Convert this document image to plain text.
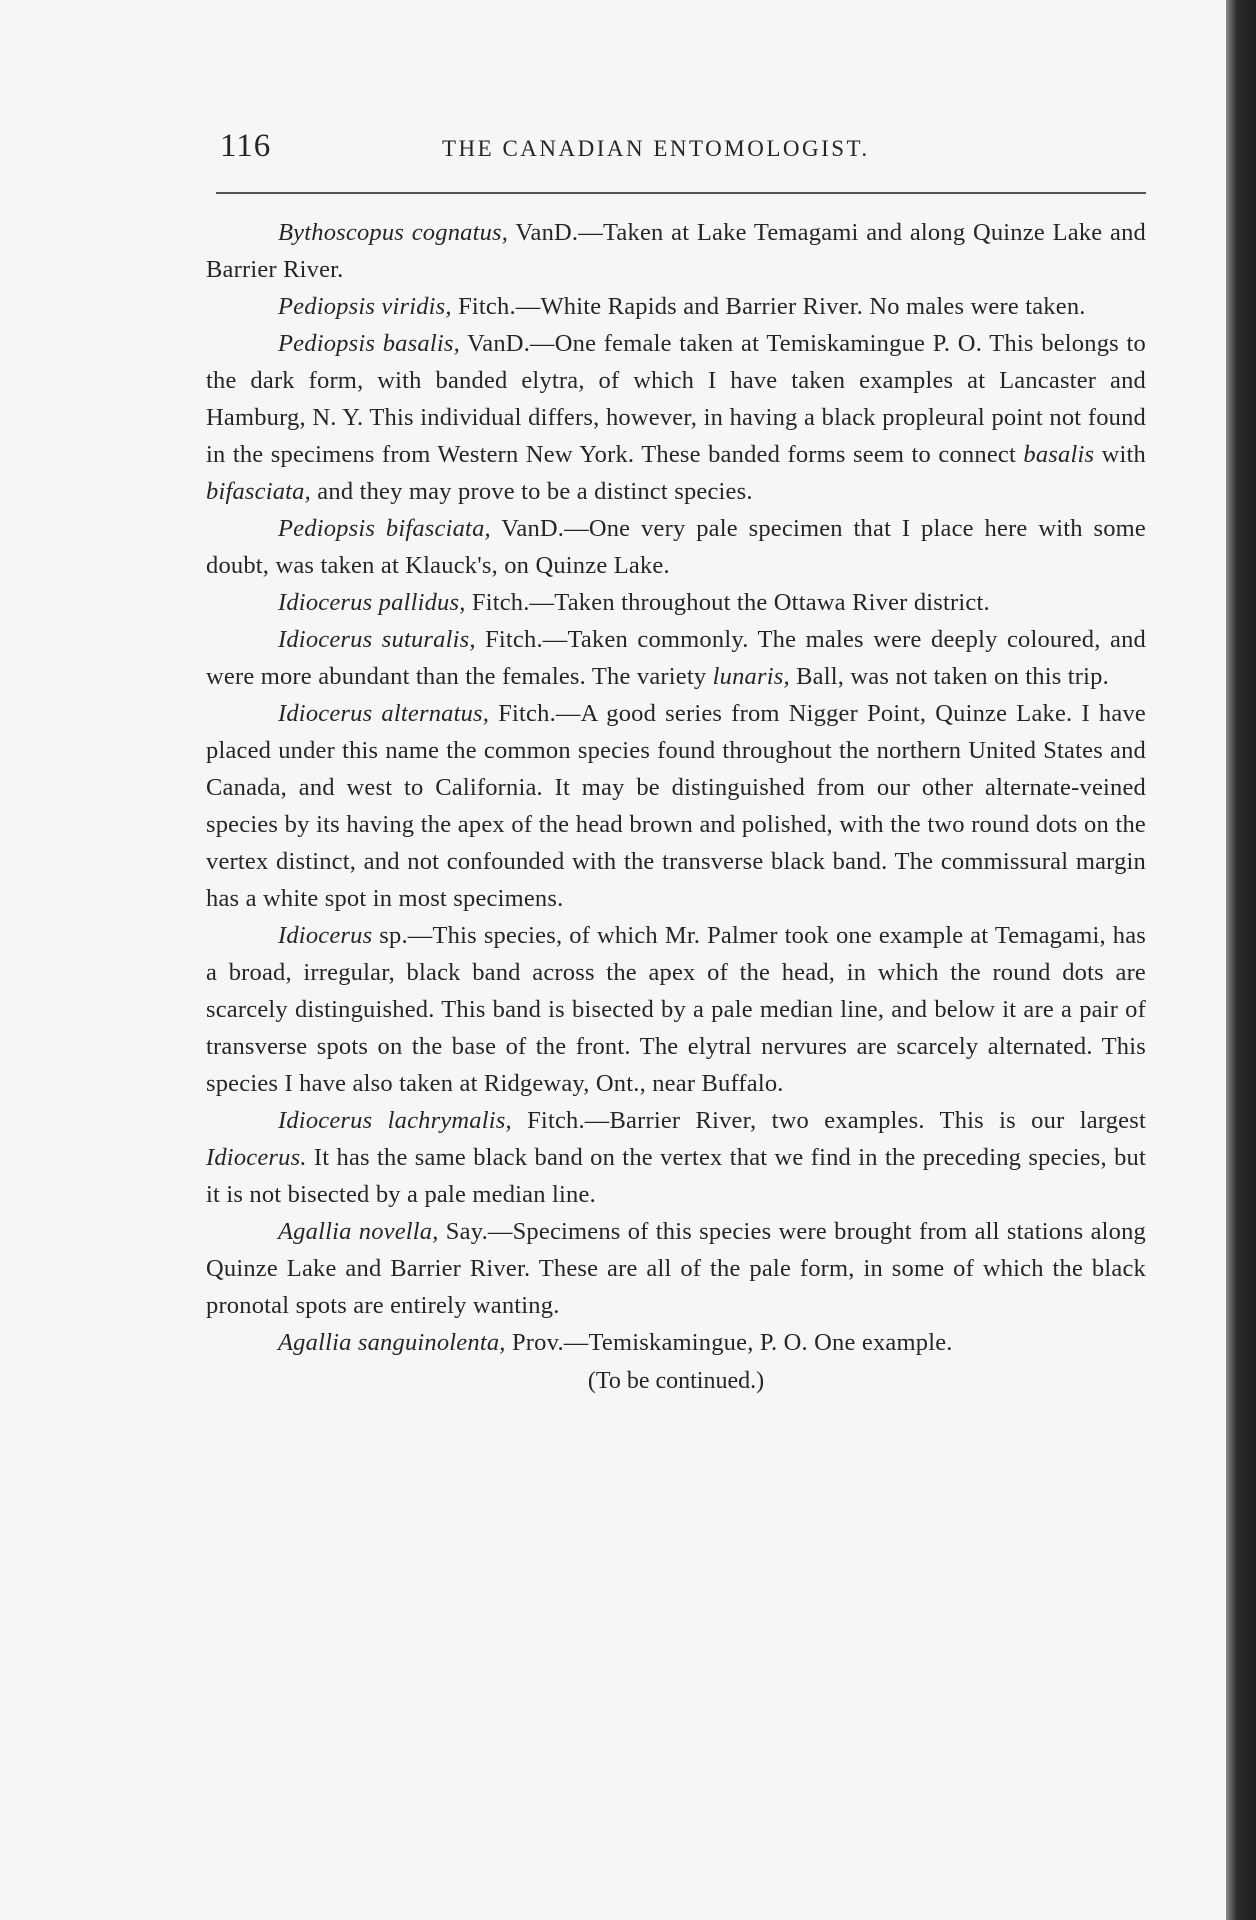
116	THE CANADIAN ENTOMOLOGIST.

Bythoscopus cognatus, VanD.—Taken at Lake Temagami and along Quinze Lake and Barrier River.

Pediopsis viridis, Fitch.—White Rapids and Barrier River. No males were taken.

Pediopsis basalis, VanD.—One female taken at Temiskamingue P. O. This belongs to the dark form, with banded elytra, of which I have taken examples at Lancaster and Hamburg, N. Y. This individual differs, however, in having a black propleural point not found in the specimens from Western New York. These banded forms seem to connect basalis with bifasciata, and they may prove to be a distinct species.

Pediopsis bifasciata, VanD.—One very pale specimen that I place here with some doubt, was taken at Klauck's, on Quinze Lake.

Idiocerus pallidus, Fitch.—Taken throughout the Ottawa River district.

Idiocerus suturalis, Fitch.—Taken commonly. The males were deeply coloured, and were more abundant than the females. The variety lunaris, Ball, was not taken on this trip.

Idiocerus alternatus, Fitch.—A good series from Nigger Point, Quinze Lake. I have placed under this name the common species found throughout the northern United States and Canada, and west to California. It may be distinguished from our other alternate-veined species by its having the apex of the head brown and polished, with the two round dots on the vertex distinct, and not confounded with the transverse black band. The commissural margin has a white spot in most specimens.

Idiocerus sp.—This species, of which Mr. Palmer took one example at Temagami, has a broad, irregular, black band across the apex of the head, in which the round dots are scarcely distinguished. This band is bisected by a pale median line, and below it are a pair of transverse spots on the base of the front. The elytral nervures are scarcely alternated. This species I have also taken at Ridgeway, Ont., near Buffalo.

Idiocerus lachrymalis, Fitch.—Barrier River, two examples. This is our largest Idiocerus. It has the same black band on the vertex that we find in the preceding species, but it is not bisected by a pale median line.

Agallia novella, Say.—Specimens of this species were brought from all stations along Quinze Lake and Barrier River. These are all of the pale form, in some of which the black pronotal spots are entirely wanting.

Agallia sanguinolenta, Prov.—Temiskamingue, P. O. One example.

(To be continued.)
